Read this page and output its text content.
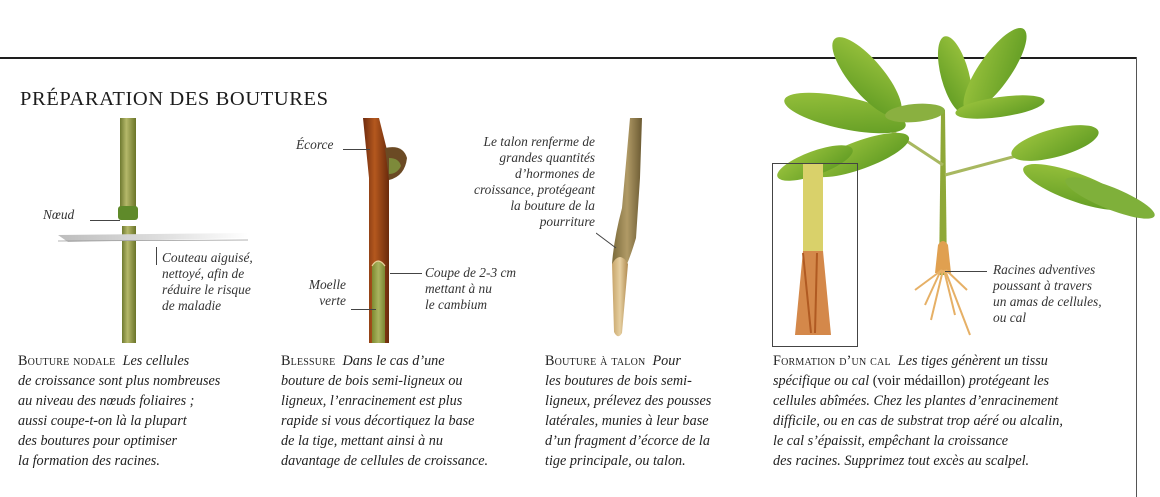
PRÉPARATION DES BOUTURES
Nœud
Couteau aiguisé,
nettoyé, afin de
réduire le risque
de maladie
Bouture nodale Les cellules
de croissance sont plus nombreuses
au niveau des nœuds foliaires ;
aussi coupe-t-on là la plupart
des boutures pour optimiser
la formation des racines.
Écorce
Moelle
verte
Coupe de 2-3 cm
mettant à nu
le cambium
Blessure Dans le cas d’une
bouture de bois semi-ligneux ou
ligneux, l’enracinement est plus
rapide si vous décortiquez la base
de la tige, mettant ainsi à nu
davantage de cellules de croissance.
Le talon renferme de
grandes quantités
d’hormones de
croissance, protégeant
la bouture de la
pourriture
Bouture à talon Pour
les boutures de bois semi-
ligneux, prélevez des pousses
latérales, munies à leur base
d’un fragment d’écorce de la
tige principale, ou talon.
Racines adventives
poussant à travers
un amas de cellules,
ou cal
Formation d’un cal Les tiges génèrent un tissu
spécifique ou cal (voir médaillon) protégeant les
cellules abîmées. Chez les plantes d’enracinement
difficile, ou en cas de substrat trop aéré ou alcalin,
le cal s’épaissit, empêchant la croissance
des racines. Supprimez tout excès au scalpel.
